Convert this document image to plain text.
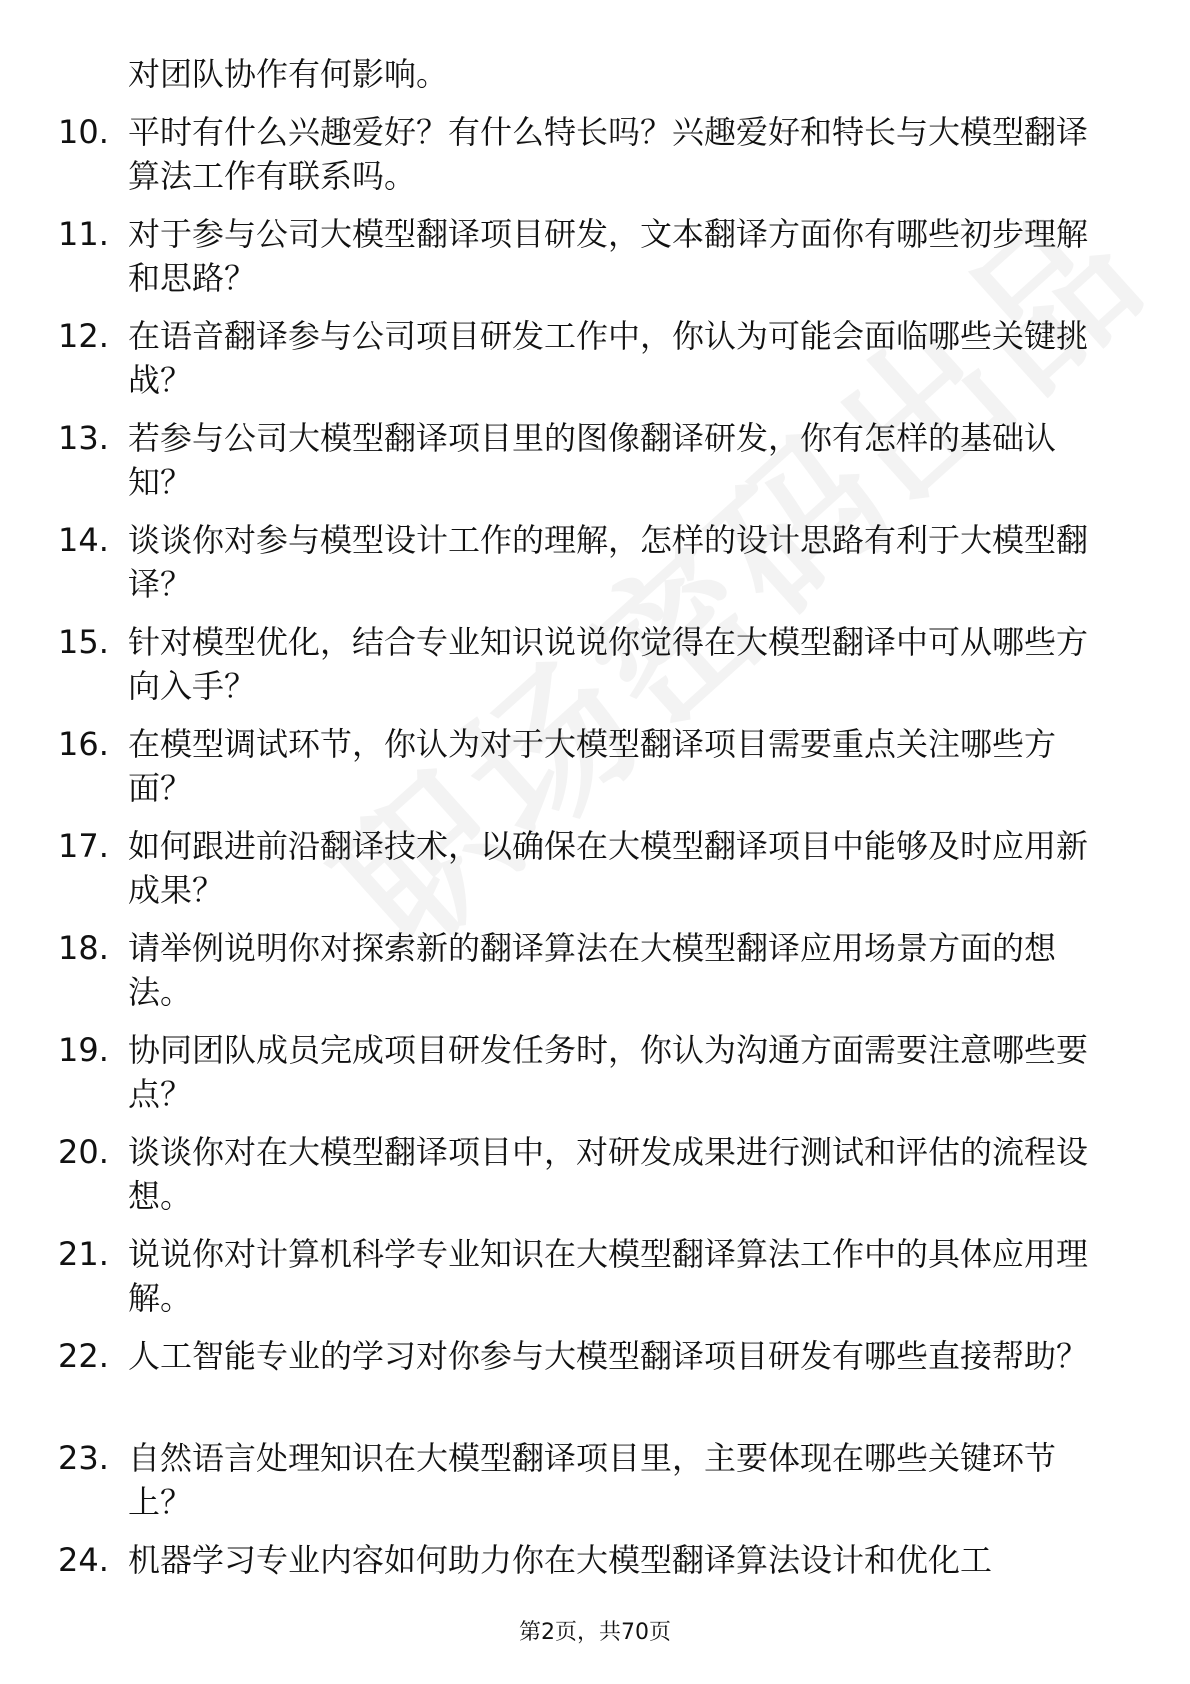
对团队协作有何影响。
10. 平时有什么兴趣爱好？有什么特长吗？兴趣爱好和特长与大模型翻译算法工作有联系吗。
11. 对于参与公司大模型翻译项目研发，文本翻译方面你有哪些初步理解和思路？
12. 在语音翻译参与公司项目研发工作中，你认为可能会面临哪些关键挑战？
13. 若参与公司大模型翻译项目里的图像翻译研发，你有怎样的基础认知？
14. 谈谈你对参与模型设计工作的理解，怎样的设计思路有利于大模型翻译？
15. 针对模型优化，结合专业知识说说你觉得在大模型翻译中可从哪些方向入手？
16. 在模型调试环节，你认为对于大模型翻译项目需要重点关注哪些方面？
17. 如何跟进前沿翻译技术，以确保在大模型翻译项目中能够及时应用新成果？
18. 请举例说明你对探索新的翻译算法在大模型翻译应用场景方面的想法。
19. 协同团队成员完成项目研发任务时，你认为沟通方面需要注意哪些要点？
20. 谈谈你对在大模型翻译项目中，对研发成果进行测试和评估的流程设想。
21. 说说你对计算机科学专业知识在大模型翻译算法工作中的具体应用理解。
22. 人工智能专业的学习对你参与大模型翻译项目研发有哪些直接帮助？
23. 自然语言处理知识在大模型翻译项目里，主要体现在哪些关键环节上？
24. 机器学习专业内容如何助力你在大模型翻译算法设计和优化工
第2页，共70页
